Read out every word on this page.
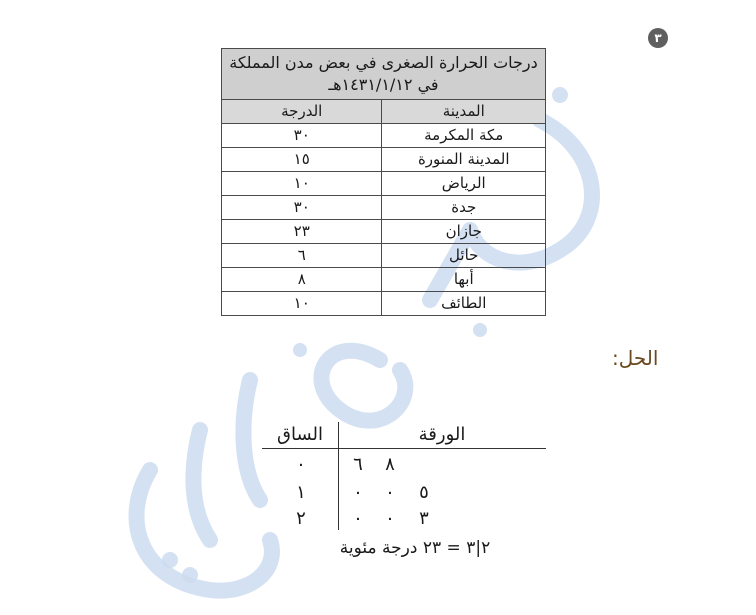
٣
درجات الحرارة الصغرى في بعض مدن المملكة في ١٤٣١/١/١٢هـ	
المدينة	الدرجة
مكة المكرمة	٣٠
المدينة المنورة	١٥
الرياض	١٠
جدة	٣٠
جازان	٢٣
حائل	٦
أبها	٨
الطائف	١٠
الحل:
الساق	الورقة
٠	٦ ٨
١	٠ ٠ ٥
٢	٠ ٠ ٣
٢|٣ = ٢٣ درجة مئوية
